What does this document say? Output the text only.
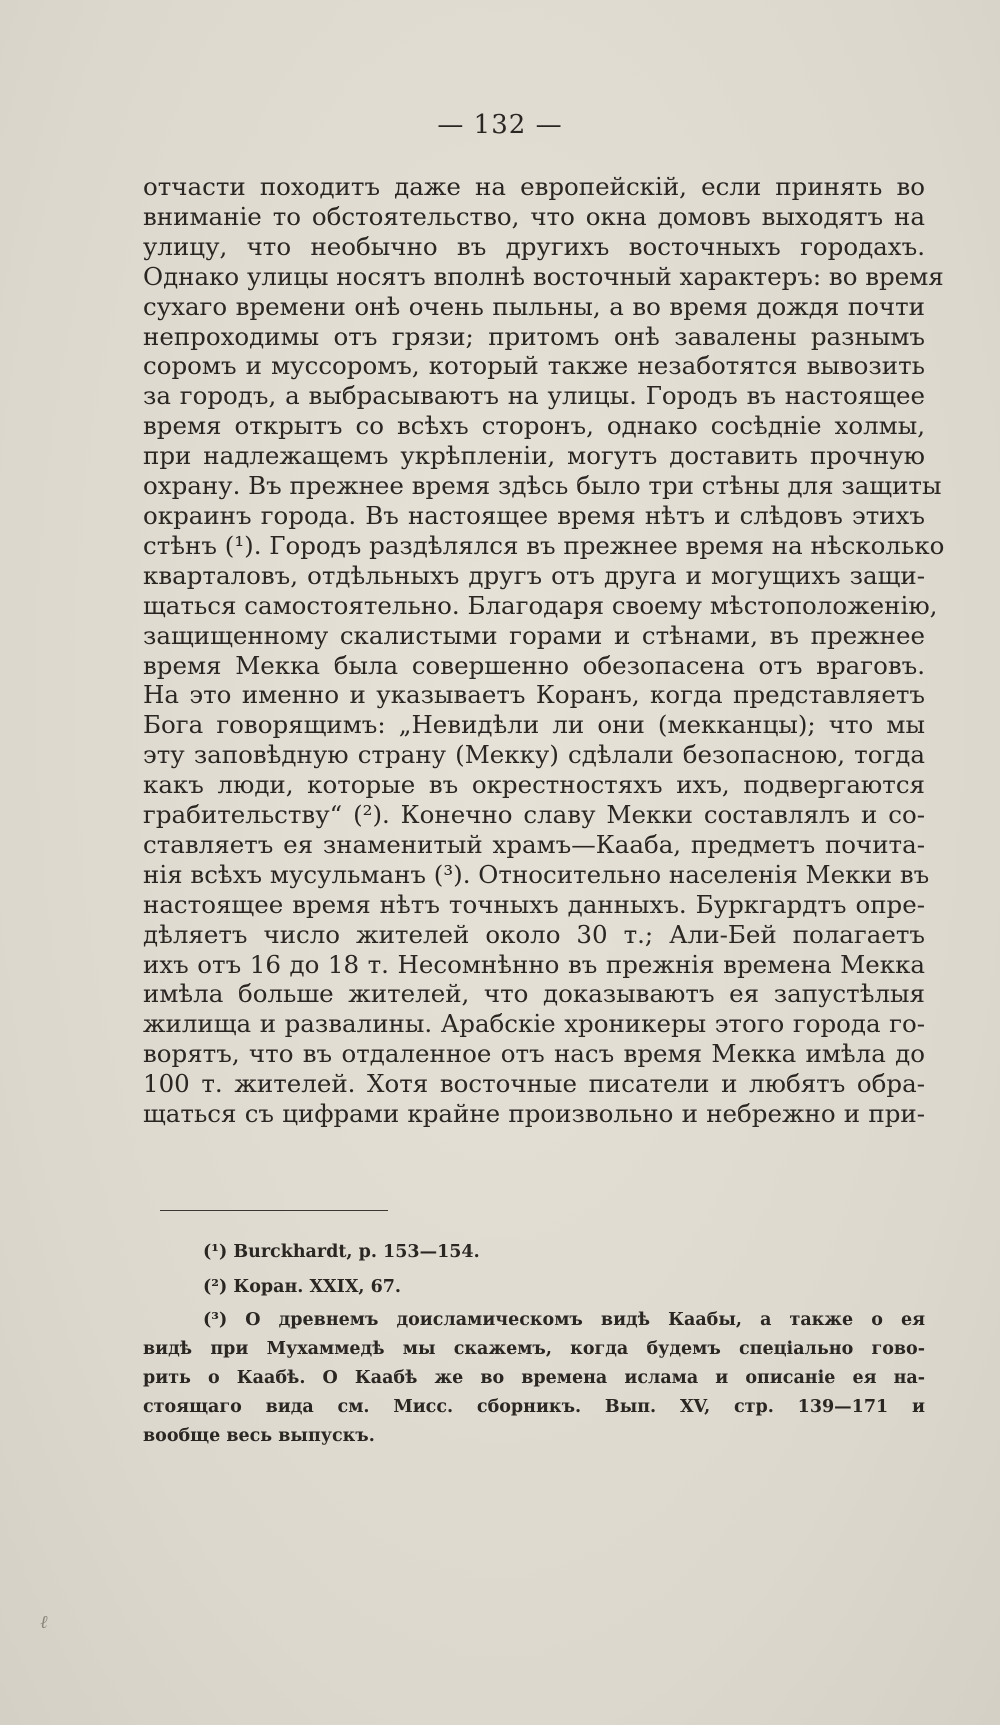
— 132 —
отчасти походитъ даже на европейскій, если принять во
вниманіе то обстоятельство, что окна домовъ выходятъ на
улицу, что необычно въ другихъ восточныхъ городахъ.
Однако улицы носятъ вполнѣ восточный характеръ: во время
сухаго времени онѣ очень пыльны, а во время дождя почти
непроходимы отъ грязи; притомъ онѣ завалены разнымъ
соромъ и муссоромъ, который также незаботятся вывозить
за городъ, а выбрасываютъ на улицы. Городъ въ настоящее
время открытъ со всѣхъ сторонъ, однако сосѣдніе холмы,
при надлежащемъ укрѣпленіи, могутъ доставить прочную
охрану. Въ прежнее время здѣсь было три стѣны для защиты
окраинъ города. Въ настоящее время нѣтъ и слѣдовъ этихъ
стѣнъ (¹). Городъ раздѣлялся въ прежнее время на нѣсколько
кварталовъ, отдѣльныхъ другъ отъ друга и могущихъ защи-
щаться самостоятельно. Благодаря своему мѣстоположенію,
защищенному скалистыми горами и стѣнами, въ прежнее
время Мекка была совершенно обезопасена отъ враговъ.
На это именно и указываетъ Коранъ, когда представляетъ
Бога говорящимъ: „Невидѣли ли они (мекканцы); что мы
эту заповѣдную страну (Мекку) сдѣлали безопасною, тогда
какъ люди, которые въ окрестностяхъ ихъ, подвергаются
грабительству“ (²). Конечно славу Мекки составлялъ и со-
ставляетъ ея знаменитый храмъ—Кааба, предметъ почита-
нія всѣхъ мусульманъ (³). Относительно населенія Мекки въ
настоящее время нѣтъ точныхъ данныхъ. Буркгардтъ опре-
дѣляетъ число жителей около 30 т.; Али-Бей полагаетъ
ихъ отъ 16 до 18 т. Несомнѣнно въ прежнія времена Мекка
имѣла больше жителей, что доказываютъ ея запустѣлыя
жилища и развалины. Арабскіе хроникеры этого города го-
ворятъ, что въ отдаленное отъ насъ время Мекка имѣла до
100 т. жителей. Хотя восточные писатели и любятъ обра-
щаться съ цифрами крайне произвольно и небрежно и при-
(¹) Burckhardt, p. 153—154.
(²) Коран. XXIX, 67.
(³) О древнемъ доисламическомъ видѣ Каабы, а также о ея
видѣ при Мухаммедѣ мы скажемъ, когда будемъ спеціально гово-
рить о Каабѣ. О Каабѣ же во времена ислама и описаніе ея на-
стоящаго вида см. Мисс. сборникъ. Вып. XV, стр. 139—171 и
вообще весь выпускъ.
ℓ
